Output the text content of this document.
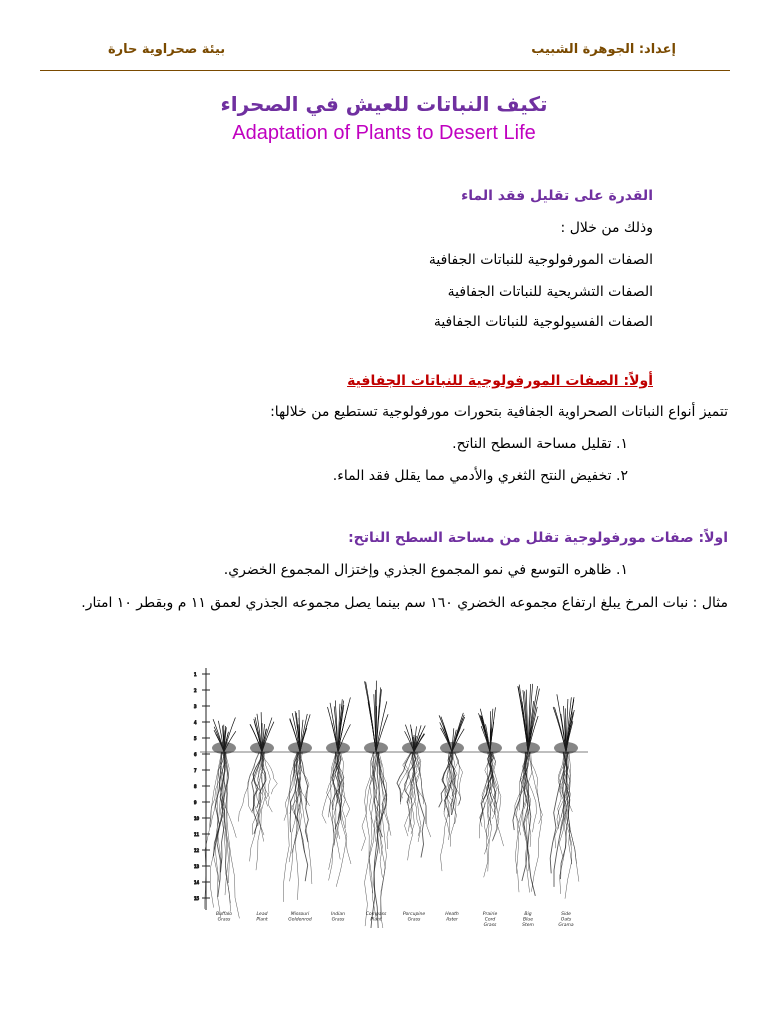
إعداد: الجوهرة الشبيب
بيئة صحراوية حارة
تكيف النباتات للعيش في الصحراء
Adaptation of Plants to Desert Life
القدرة على تقليل فقد الماء
وذلك من خلال :
الصفات المورفولوجية للنباتات الجفافية
الصفات التشريحية للنباتات الجفافية
الصفات الفسيولوجية للنباتات الجفافية
أولاً: الصفات المورفولوجية للنباتات الجفافية
تتميز أنواع النباتات الصحراوية الجفافية بتحورات مورفولوجية تستطيع من خلالها:
١. تقليل مساحة السطح الناتح.
٢. تخفيض النتح الثغري والأدمي مما يقلل فقد الماء.
اولاً: صفات مورفولوجية تقلل من مساحة السطح الناتح:
١. ظاهره التوسع في نمو المجموع الجذري وإختزال المجموع الخضري.
مثال : نبات المرخ يبلغ ارتفاع مجموعه الخضري ١٦٠ سم بينما يصل مجموعه الجذري لعمق ١١ م وبقطر ١٠ امتار.
1
2
3
4
5
6
7
8
9
10
11
12
13
14
15
Buffalo
Grass
Lead
Plant
Missouri
Goldenrod
Indian
Grass
Compass
Plant
Porcupine
Grass
Heath
Aster
Prairie
Cord
Grass
Big
Blue
Stem
Side
Oats
Grama
